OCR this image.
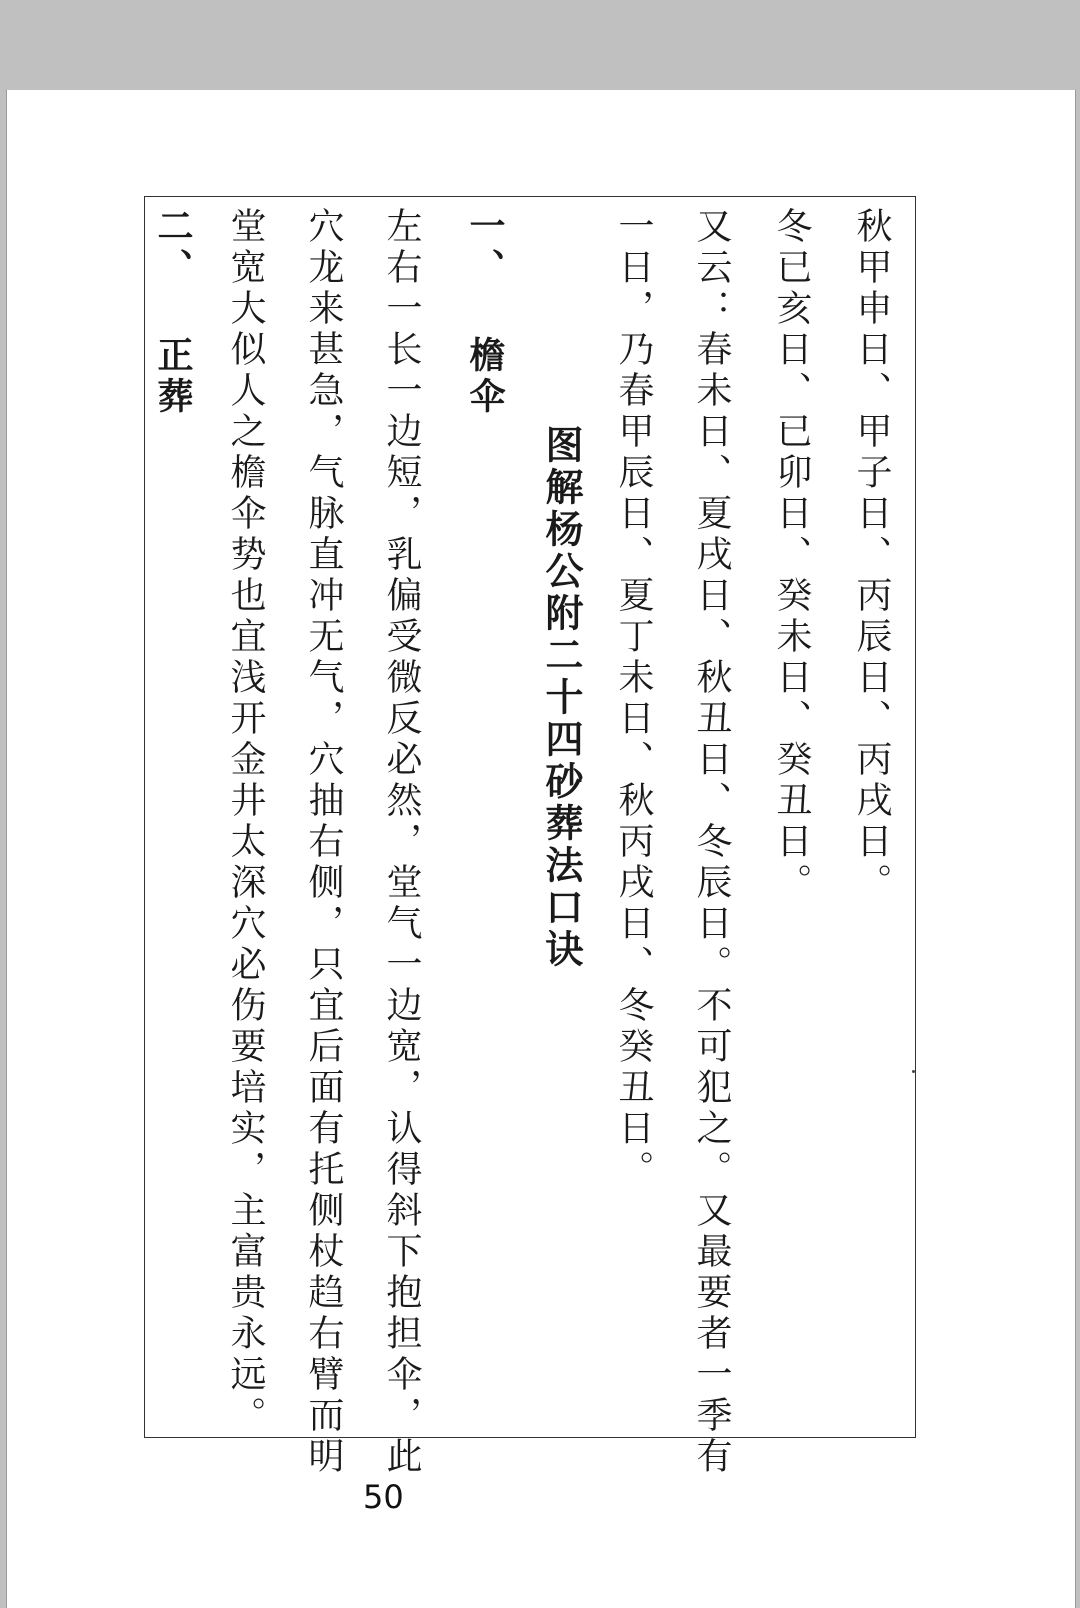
秋甲申日、甲子日、丙辰日、丙戌日。

冬已亥日、已卯日、癸未日、癸丑日。

又云：春未日、夏戌日、秋丑日、冬辰日。不可犯之。又最要者一季有

一日，乃春甲辰日、夏丁未日、秋丙戌日、冬癸丑日。

图解杨公附二十四砂葬法口诀

一、 檐伞

左右一长一边短，乳偏受微反必然，堂气一边宽，认得斜下抱担伞，此

穴龙来甚急，气脉直冲无气，穴抽右侧，只宜后面有托侧杖趋右臂而明

堂宽大似人之檐伞势也宜浅开金井太深穴必伤要培实，主富贵永远。

二、 正葬

50
